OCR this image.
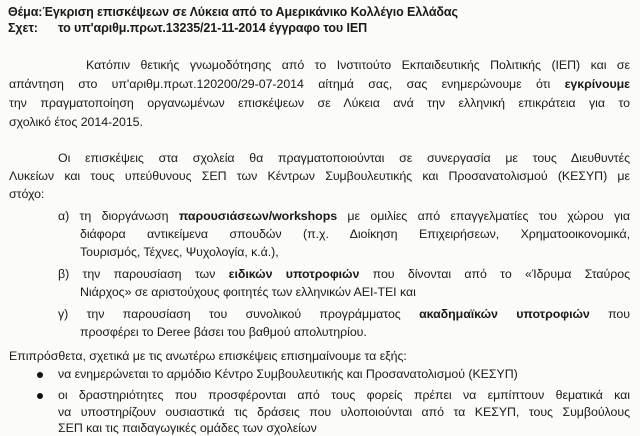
Θέμα:Έγκριση επισκέψεων σε Λύκεια από το Αμερικάνικο Κολλέγιο Ελλάδας
Σχετ: το υπ'αριθμ.πρωτ.13235/21-11-2014 έγγραφο του ΙΕΠ
Κατόπιν θετικής γνωμοδότησης από το Ινστιτούτο Εκπαιδευτικής Πολιτικής (ΙΕΠ) και σε
απάντηση στο υπ'αριθμ.πρωτ.120200/29-07-2014 αίτημά σας, σας ενημερώνουμε ότι εγκρίνουμε
την πραγματοποίηση οργανωμένων επισκέψεων σε Λύκεια ανά την ελληνική επικράτεια για το
σχολικό έτος 2014-2015.
Οι επισκέψεις στα σχολεία θα πραγματοποιούνται σε συνεργασία με τους Διευθυντές
Λυκείων και τους υπεύθυνους ΣΕΠ των Κέντρων Συμβουλευτικής και Προσανατολισμού (ΚΕΣΥΠ) με
στόχο:
α) τη διοργάνωση παρουσιάσεων/workshops με ομιλίες από επαγγελματίες του χώρου για
διάφορα αντικείμενα σπουδών (π.χ. Διοίκηση Επιχειρήσεων, Χρηματοοικονομικά,
Τουρισμός, Τέχνες, Ψυχολογία, κ.ά.),
β) την παρουσίαση των ειδικών υποτροφιών που δίνονται από το «Ίδρυμα Σταύρος
Νιάρχος» σε αριστούχους φοιτητές των ελληνικών ΑΕΙ-ΤΕΙ και
γ) την παρουσίαση του συνολικού προγράμματος ακαδημαϊκών υποτροφιών που
προσφέρει το Deree βάσει του βαθμού απολυτηρίου.
Επιπρόσθετα, σχετικά με τις ανωτέρω επισκέψεις επισημαίνουμε τα εξής:
να ενημερώνεται το αρμόδιο Κέντρο Συμβουλευτικής και Προσανατολισμού (ΚΕΣΥΠ)
οι δραστηριότητες που προσφέρονται από τους φορείς πρέπει να εμπίπτουν θεματικά και
να υποστηρίζουν ουσιαστικά τις δράσεις που υλοποιούνται από τα ΚΕΣΥΠ, τους Συμβούλους
ΣΕΠ και τις παιδαγωγικές ομάδες των σχολείων
